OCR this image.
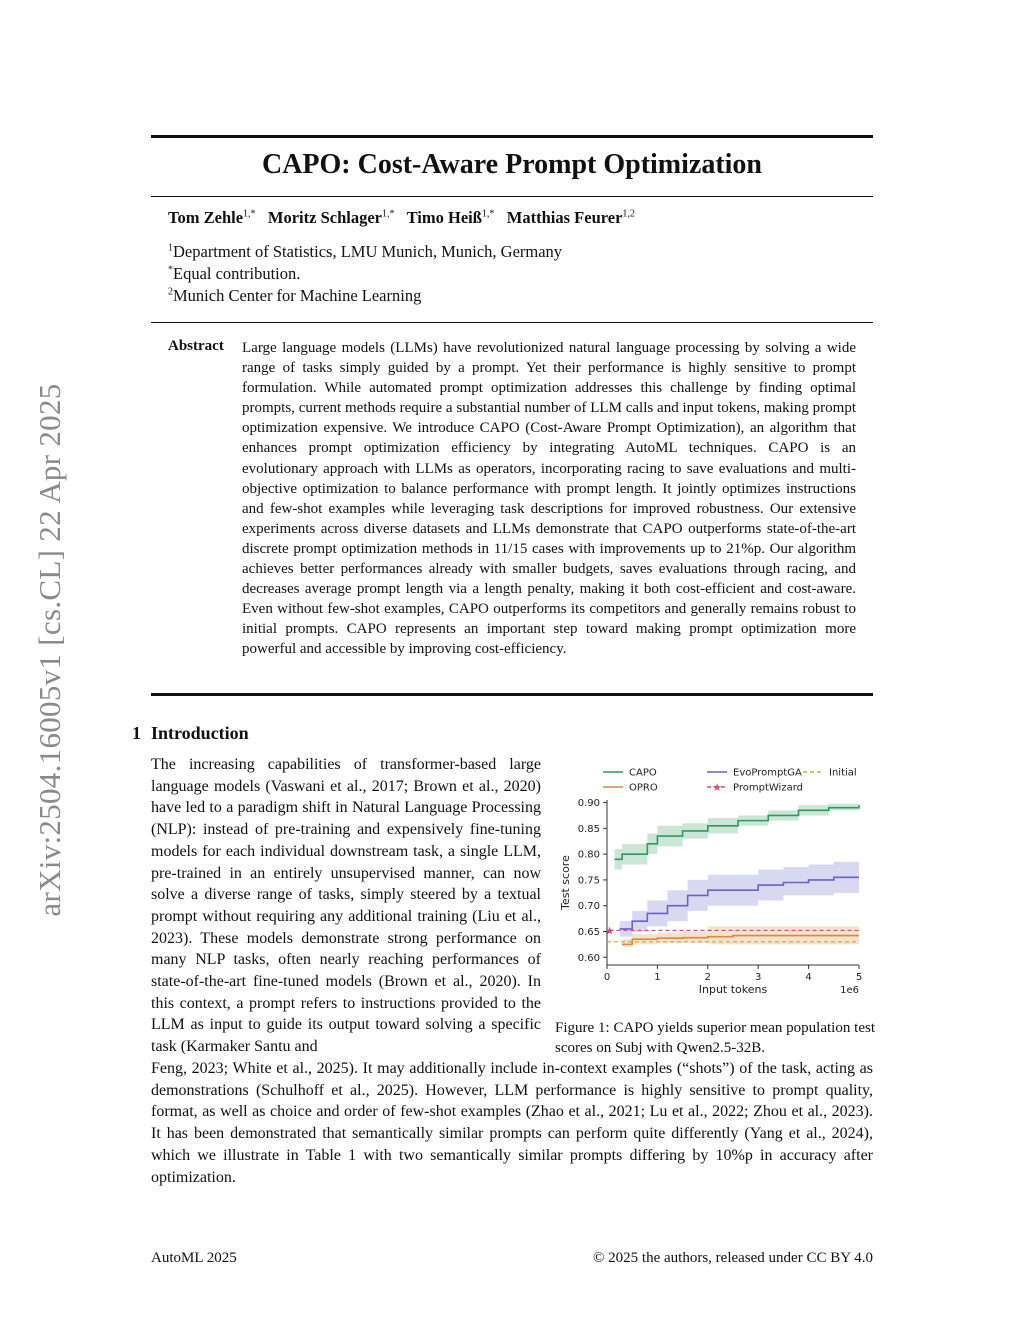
arXiv:2504.16005v1 [cs.CL] 22 Apr 2025
CAPO: Cost-Aware Prompt Optimization
Tom Zehle$^{1,*}$ Moritz Schlager$^{1,*}$ Timo Heiß$^{1,*}$ Matthias Feurer$^{1,2}$
$^1$Department of Statistics, LMU Munich, Munich, Germany
*Equal contribution.
$^2$Munich Center for Machine Learning
Abstract Large language models (LLMs) have revolutionized natural language processing by solving a wide range of tasks simply guided by a prompt. Yet their performance is highly sensitive to prompt formulation. While automated prompt optimization addresses this challenge by finding optimal prompts, current methods require a substantial number of LLM calls and input tokens, making prompt optimization expensive. We introduce CAPO (Cost-Aware Prompt Optimization), an algorithm that enhances prompt optimization efficiency by integrating AutoML techniques. CAPO is an evolutionary approach with LLMs as operators, incorporating racing to save evaluations and multi-objective optimization to balance performance with prompt length. It jointly optimizes instructions and few-shot examples while leveraging task descriptions for improved robustness. Our extensive experiments across diverse datasets and LLMs demonstrate that CAPO outperforms state-of-the-art discrete prompt optimization methods in 11/15 cases with improvements up to 21%p. Our algorithm achieves better performances already with smaller budgets, saves evaluations through racing, and decreases average prompt length via a length penalty, making it both cost-efficient and cost-aware. Even without few-shot examples, CAPO outperforms its competitors and generally remains robust to initial prompts. CAPO represents an important step toward making prompt optimization more powerful and accessible by improving cost-efficiency.
1 Introduction
The increasing capabilities of transformer-based large language models (Vaswani et al., 2017; Brown et al., 2020) have led to a paradigm shift in Natural Language Processing (NLP): instead of pre-training and expensively fine-tuning models for each individual downstream task, a single LLM, pre-trained in an entirely unsupervised manner, can now solve a diverse range of tasks, simply steered by a textual prompt without requiring any additional training (Liu et al., 2023). These models demonstrate strong performance on many NLP tasks, often nearly reaching performances of state-of-the-art fine-tuned models (Brown et al., 2020). In this context, a prompt refers to instructions provided to the LLM as input to guide its output toward solving a specific task (Karmaker Santu and
Feng, 2023; White et al., 2025). It may additionally include in-context examples (“shots”) of the task, acting as demonstrations (Schulhoff et al., 2025). However, LLM performance is highly sensitive to prompt quality, format, as well as choice and order of few-shot examples (Zhao et al., 2021; Lu et al., 2022; Zhou et al., 2023). It has been demonstrated that semantically similar prompts can perform quite differently (Yang et al., 2024), which we illustrate in Table 1 with two semantically similar prompts differing by 10%p in accuracy after optimization.
0.60
0.65
0.70
0.75
0.80
0.85
0.90
0	1	2	3	4	5
Input tokens	1e6
Test score
★
CAPO	EvoPromptGA	Initial
OPRO	★ PromptWizard
Figure 1: CAPO yields superior mean population test scores on Subj with Qwen2.5-32B.
AutoML 2025	© 2025 the authors, released under CC BY 4.0
